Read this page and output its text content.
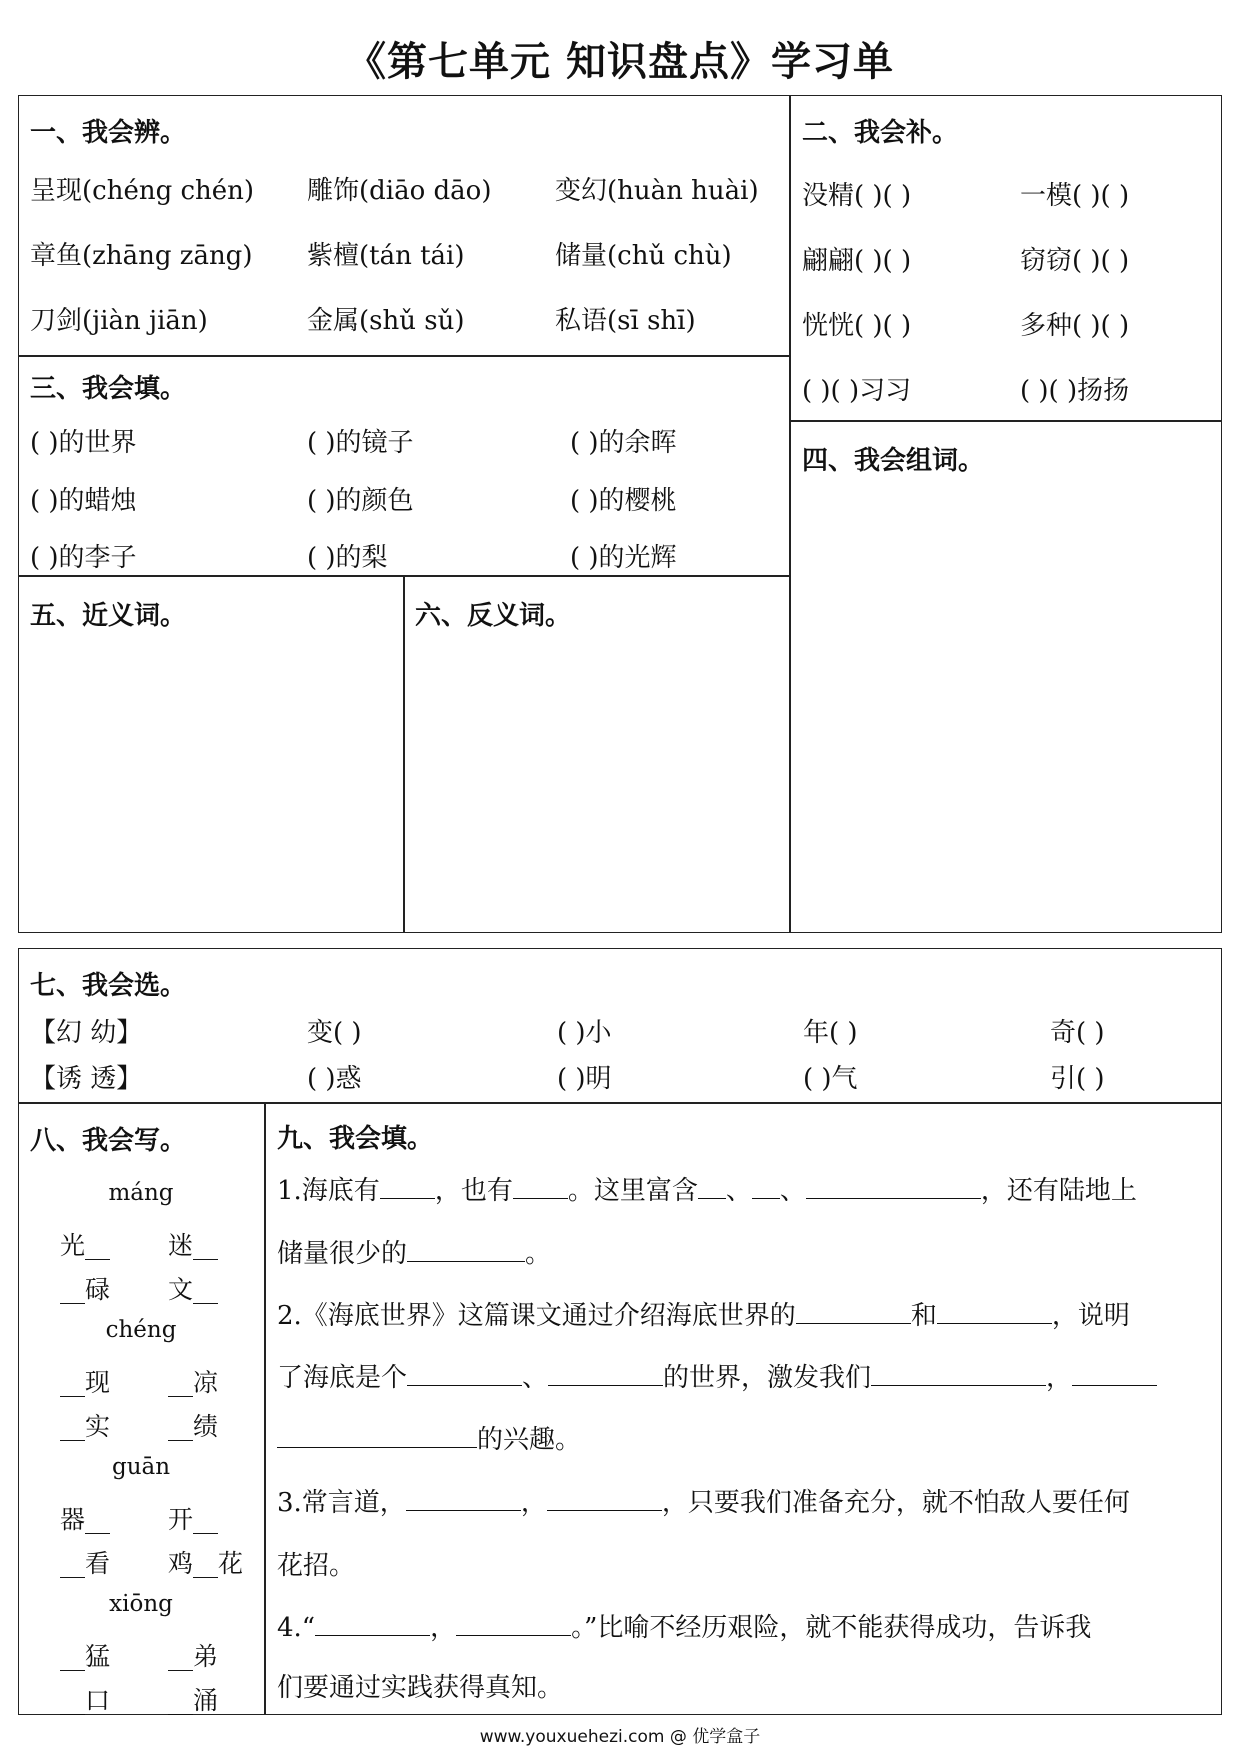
《第七单元 知识盘点》学习单
一、我会辨。
呈现(chéng chén) 雕饰(diāo dāo) 变幻(huàn huài)
章鱼(zhāng zāng) 紫檀(tán tái)	储量(chǔ chù)
刀剑(jiàn jiān)	金属(shǔ sǔ)	私语(sī shī)
二、我会补。
没精( )( )	一模( )( )
翩翩( )( )	窃窃( )( )
恍恍( )( )	多种( )( )
( )( )习习	( )( )扬扬
三、我会填。
( )的世界	( )的镜子	( )的余晖
( )的蜡烛	( )的颜色	( )的樱桃
( )的李子	( )的梨	( )的光辉
四、我会组词。
五、近义词。	六、反义词。
七、我会选。
【幻 幼】	变( )	( )小	年( )	奇( )
【诱 透】	( )惑	( )明	( )气	引( )
八、我会写。
máng
光__ 迷__
__碌 文__
chéng
__现 __凉
__实 __绩
guān
器__ 开__
__看 鸡__花
xiōng
__猛 __弟
__口 __涌
九、我会填。
1.海底有 ，也有 。这里富含 、 、	，还有陆地上
储量很少的	。
2.《海底世界》这篇课文通过介绍海底世界的	和	，说明
了海底是个	、	的世界，激发我们	，
的兴趣。
3.常言道，	，	，只要我们准备充分，就不怕敌人要任何
花招。
4.“	，	。”比喻不经历艰险，就不能获得成功，告诉我
们要通过实践获得真知。
www.youxuehezi.com @ 优学盒子
